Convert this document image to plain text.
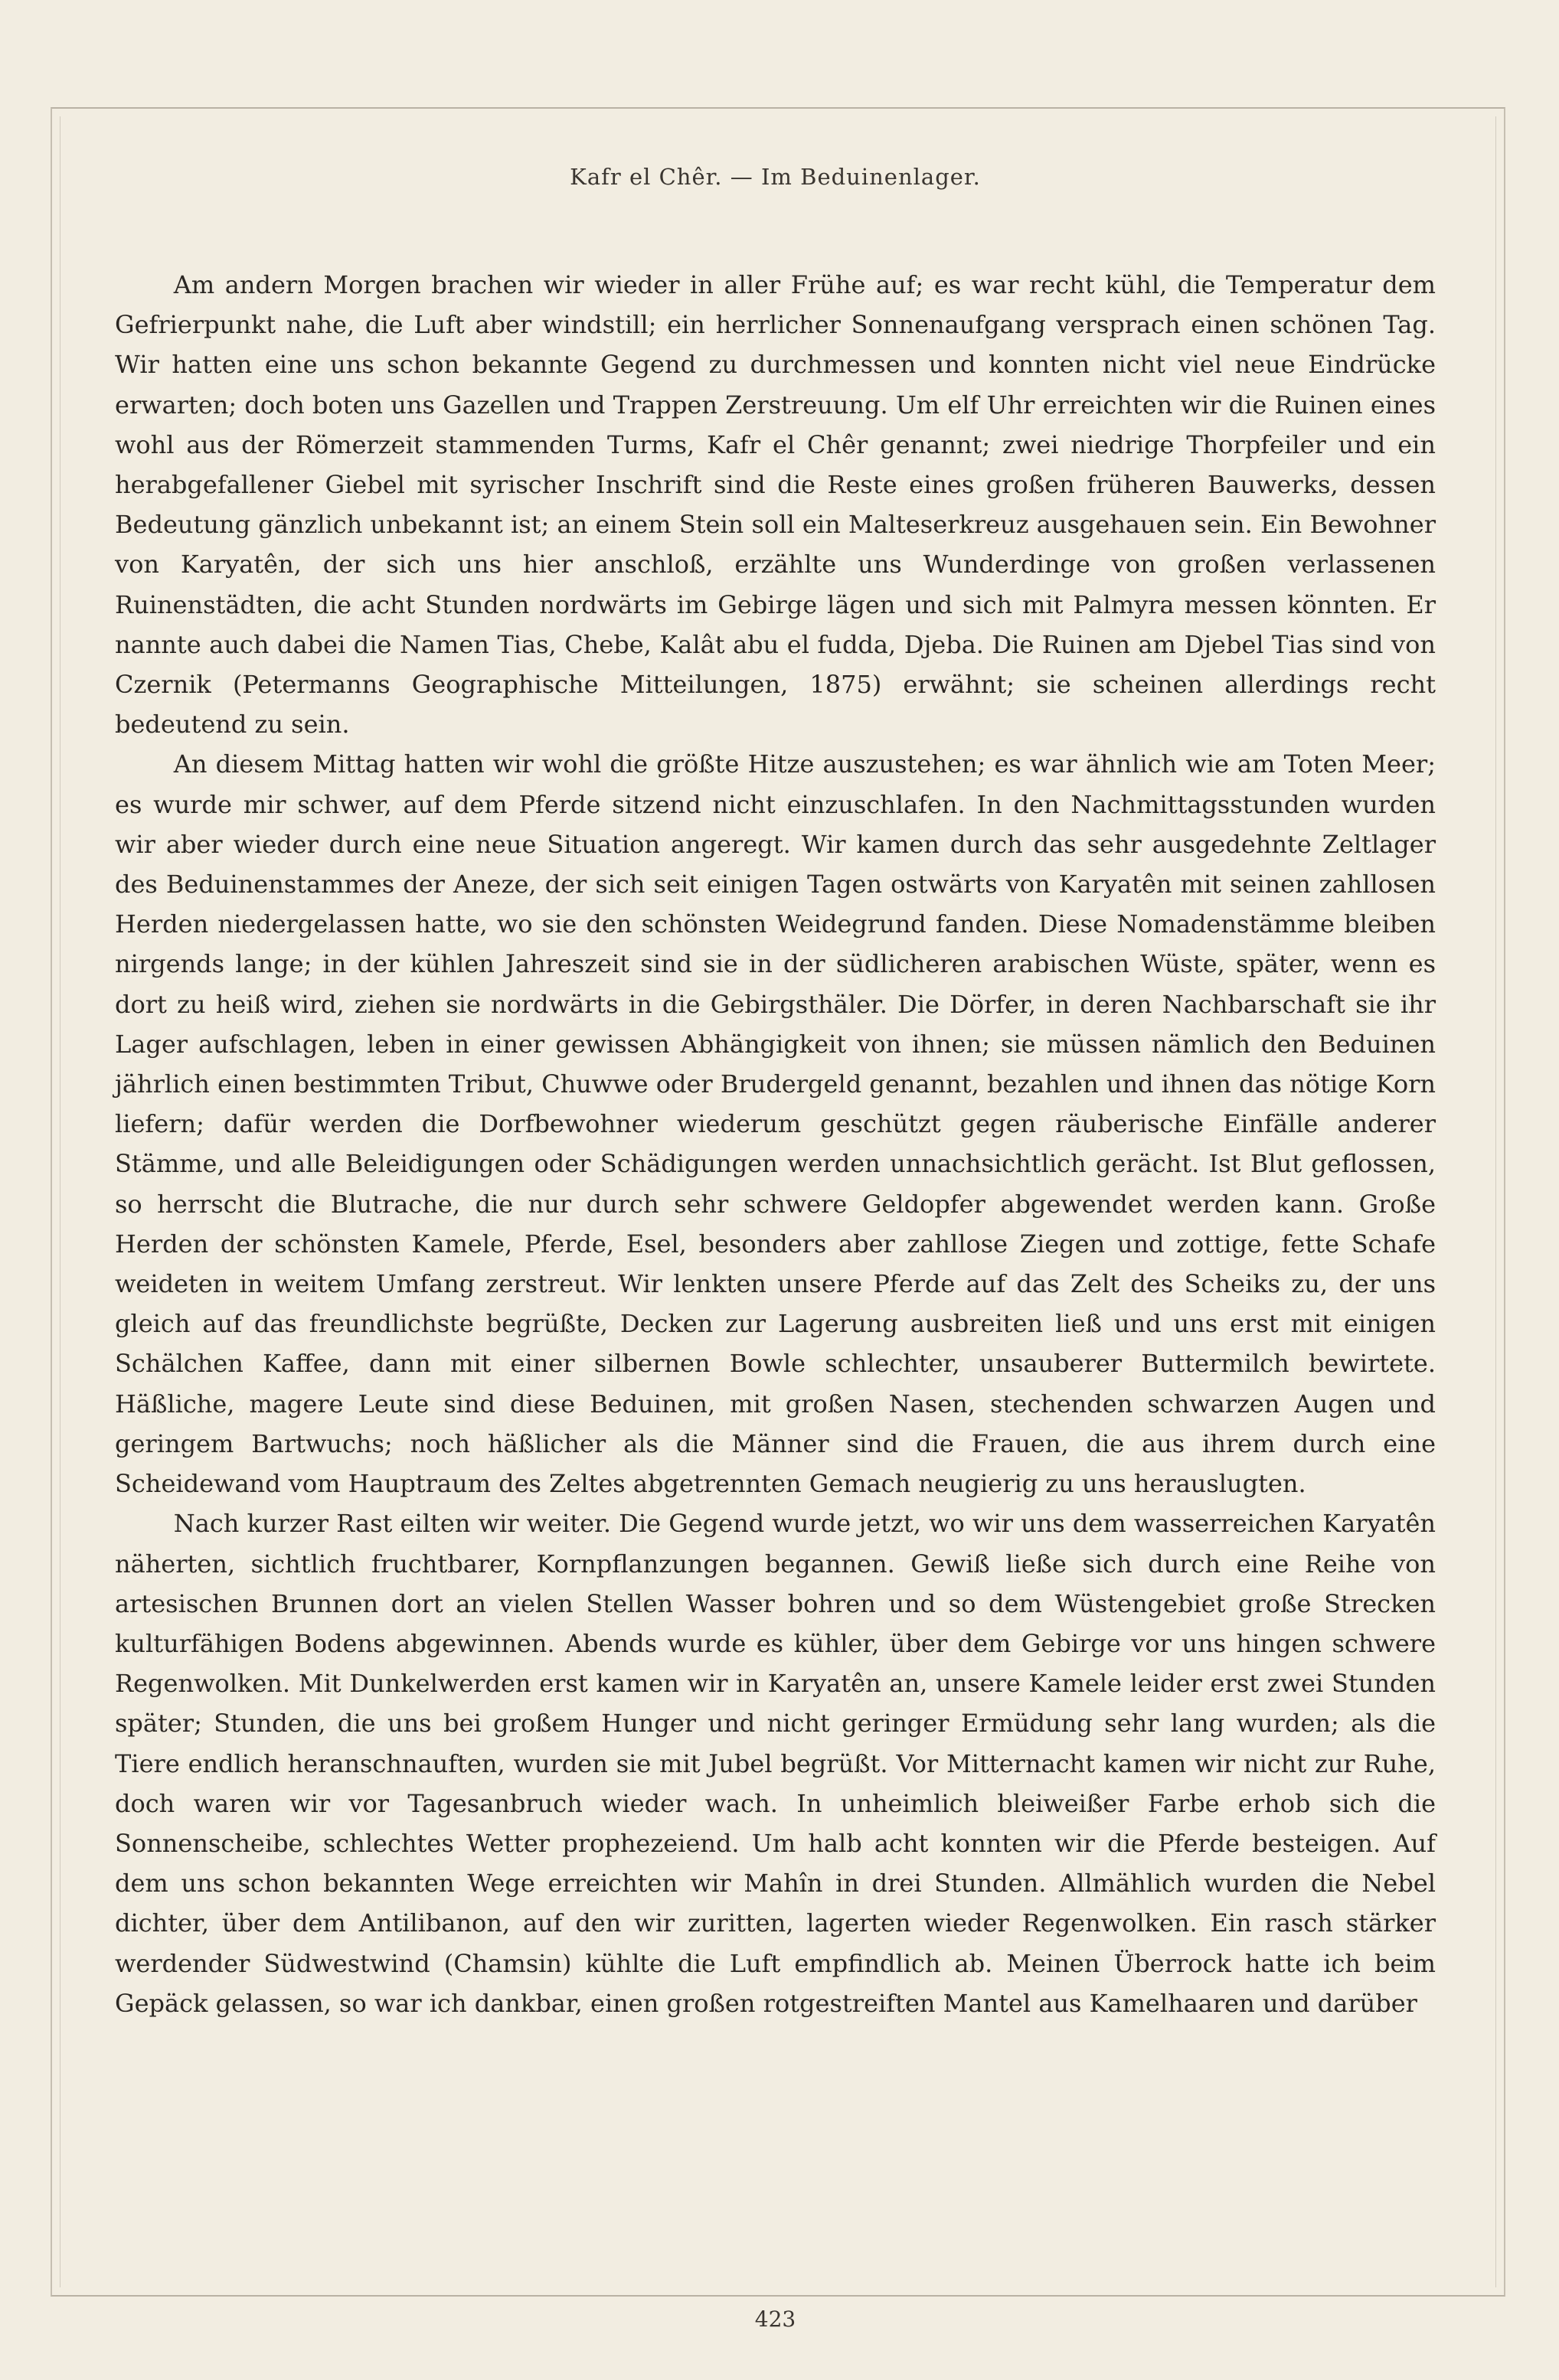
Kafr el Chêr. — Im Beduinenlager.

Am andern Morgen brachen wir wieder in aller Frühe auf; es war recht kühl, die Temperatur dem Gefrierpunkt nahe, die Luft aber windstill; ein herrlicher Sonnenaufgang versprach einen schönen Tag. Wir hatten eine uns schon bekannte Gegend zu durchmessen und konnten nicht viel neue Eindrücke erwarten; doch boten uns Gazellen und Trappen Zerstreuung. Um elf Uhr erreichten wir die Ruinen eines wohl aus der Römerzeit stammenden Turms, Kafr el Chêr genannt; zwei niedrige Thorpfeiler und ein herabgefallener Giebel mit syrischer Inschrift sind die Reste eines großen früheren Bauwerks, dessen Bedeutung gänzlich unbekannt ist; an einem Stein soll ein Malteserkreuz ausgehauen sein. Ein Bewohner von Karyatên, der sich uns hier anschloß, erzählte uns Wunderdinge von großen verlassenen Ruinenstädten, die acht Stunden nordwärts im Gebirge lägen und sich mit Palmyra messen könnten. Er nannte auch dabei die Namen Tias, Chebe, Kalât abu el fudda, Djeba. Die Ruinen am Djebel Tias sind von Czernik (Petermanns Geographische Mitteilungen, 1875) erwähnt; sie scheinen allerdings recht bedeutend zu sein.

An diesem Mittag hatten wir wohl die größte Hitze auszustehen; es war ähnlich wie am Toten Meer; es wurde mir schwer, auf dem Pferde sitzend nicht einzuschlafen. In den Nachmittagsstunden wurden wir aber wieder durch eine neue Situation angeregt. Wir kamen durch das sehr ausgedehnte Zeltlager des Beduinenstammes der Aneze, der sich seit einigen Tagen ostwärts von Karyatên mit seinen zahllosen Herden niedergelassen hatte, wo sie den schönsten Weidegrund fanden. Diese Nomadenstämme bleiben nirgends lange; in der kühlen Jahreszeit sind sie in der südlicheren arabischen Wüste, später, wenn es dort zu heiß wird, ziehen sie nordwärts in die Gebirgsthäler. Die Dörfer, in deren Nachbarschaft sie ihr Lager aufschlagen, leben in einer gewissen Abhängigkeit von ihnen; sie müssen nämlich den Beduinen jährlich einen bestimmten Tribut, Chuwwe oder Brudergeld genannt, bezahlen und ihnen das nötige Korn liefern; dafür werden die Dorfbewohner wiederum geschützt gegen räuberische Einfälle anderer Stämme, und alle Beleidigungen oder Schädigungen werden unnachsichtlich gerächt. Ist Blut geflossen, so herrscht die Blutrache, die nur durch sehr schwere Geldopfer abgewendet werden kann. Große Herden der schönsten Kamele, Pferde, Esel, besonders aber zahllose Ziegen und zottige, fette Schafe weideten in weitem Umfang zerstreut. Wir lenkten unsere Pferde auf das Zelt des Scheiks zu, der uns gleich auf das freundlichste begrüßte, Decken zur Lagerung ausbreiten ließ und uns erst mit einigen Schälchen Kaffee, dann mit einer silbernen Bowle schlechter, unsauberer Buttermilch bewirtete. Häßliche, magere Leute sind diese Beduinen, mit großen Nasen, stechenden schwarzen Augen und geringem Bartwuchs; noch häßlicher als die Männer sind die Frauen, die aus ihrem durch eine Scheidewand vom Hauptraum des Zeltes abgetrennten Gemach neugierig zu uns herauslugten.

Nach kurzer Rast eilten wir weiter. Die Gegend wurde jetzt, wo wir uns dem wasserreichen Karyatên näherten, sichtlich fruchtbarer, Kornpflanzungen begannen. Gewiß ließe sich durch eine Reihe von artesischen Brunnen dort an vielen Stellen Wasser bohren und so dem Wüstengebiet große Strecken kulturfähigen Bodens abgewinnen. Abends wurde es kühler, über dem Gebirge vor uns hingen schwere Regenwolken. Mit Dunkelwerden erst kamen wir in Karyatên an, unsere Kamele leider erst zwei Stunden später; Stunden, die uns bei großem Hunger und nicht geringer Ermüdung sehr lang wurden; als die Tiere endlich heranschnauften, wurden sie mit Jubel begrüßt. Vor Mitternacht kamen wir nicht zur Ruhe, doch waren wir vor Tagesanbruch wieder wach. In unheimlich bleiweißer Farbe erhob sich die Sonnenscheibe, schlechtes Wetter prophezeiend. Um halb acht konnten wir die Pferde besteigen. Auf dem uns schon bekannten Wege erreichten wir Mahîn in drei Stunden. Allmählich wurden die Nebel dichter, über dem Antilibanon, auf den wir zuritten, lagerten wieder Regenwolken. Ein rasch stärker werdender Südwestwind (Chamsin) kühlte die Luft empfindlich ab. Meinen Überrock hatte ich beim Gepäck gelassen, so war ich dankbar, einen großen rotgestreiften Mantel aus Kamelhaaren und darüber

423
